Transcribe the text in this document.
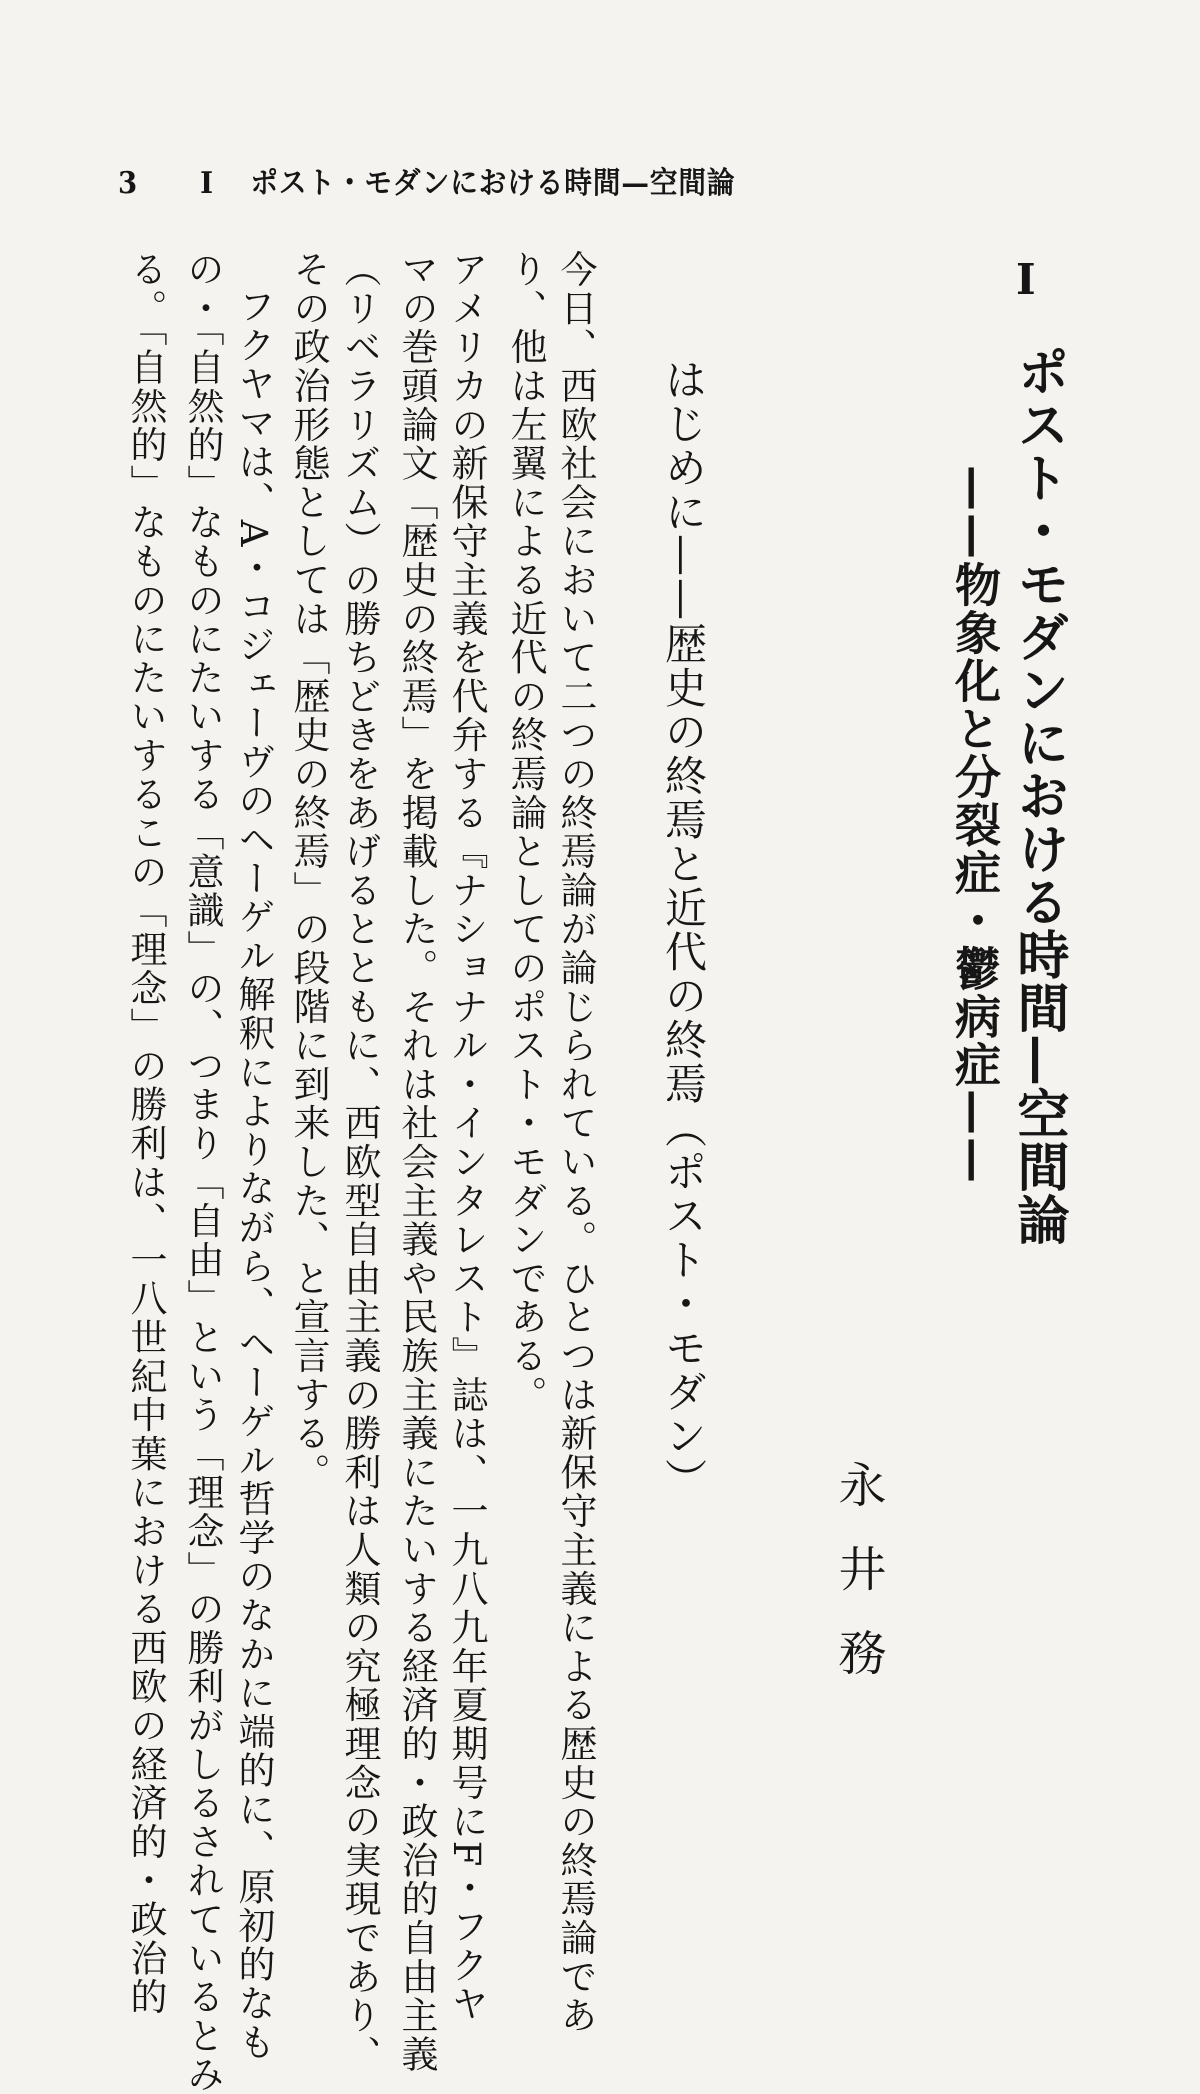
3 I ポスト・モダンにおける時間—空間論
I
ポスト・モダンにおける時間—空間論
——物象化と分裂症・鬱病症——
永井務
はじめに——歴史の終焉と近代の終焉（ポスト・モダン）
今日、西欧社会において二つの終焉論が論じられている。ひとつは新保守主義による歴史の終焉論であ
り、他は左翼による近代の終焉論としてのポスト・モダンである。
アメリカの新保守主義を代弁する『ナショナル・インタレスト』誌は、一九八九年夏期号にF・フクヤ
マの巻頭論文「歴史の終焉」を掲載した。それは社会主義や民族主義にたいする経済的・政治的自由主義
（リベラリズム）の勝ちどきをあげるとともに、西欧型自由主義の勝利は人類の究極理念の実現であり、
その政治形態としては「歴史の終焉」の段階に到来した、と宣言する。
フクヤマは、A・コジェーヴのヘーゲル解釈によりながら、ヘーゲル哲学のなかに端的に、原初的なも
の・「自然的」なものにたいする「意識」の、つまり「自由」という「理念」の勝利がしるされているとみ
る。「自然的」なものにたいするこの「理念」の勝利は、一八世紀中葉における西欧の経済的・政治的
